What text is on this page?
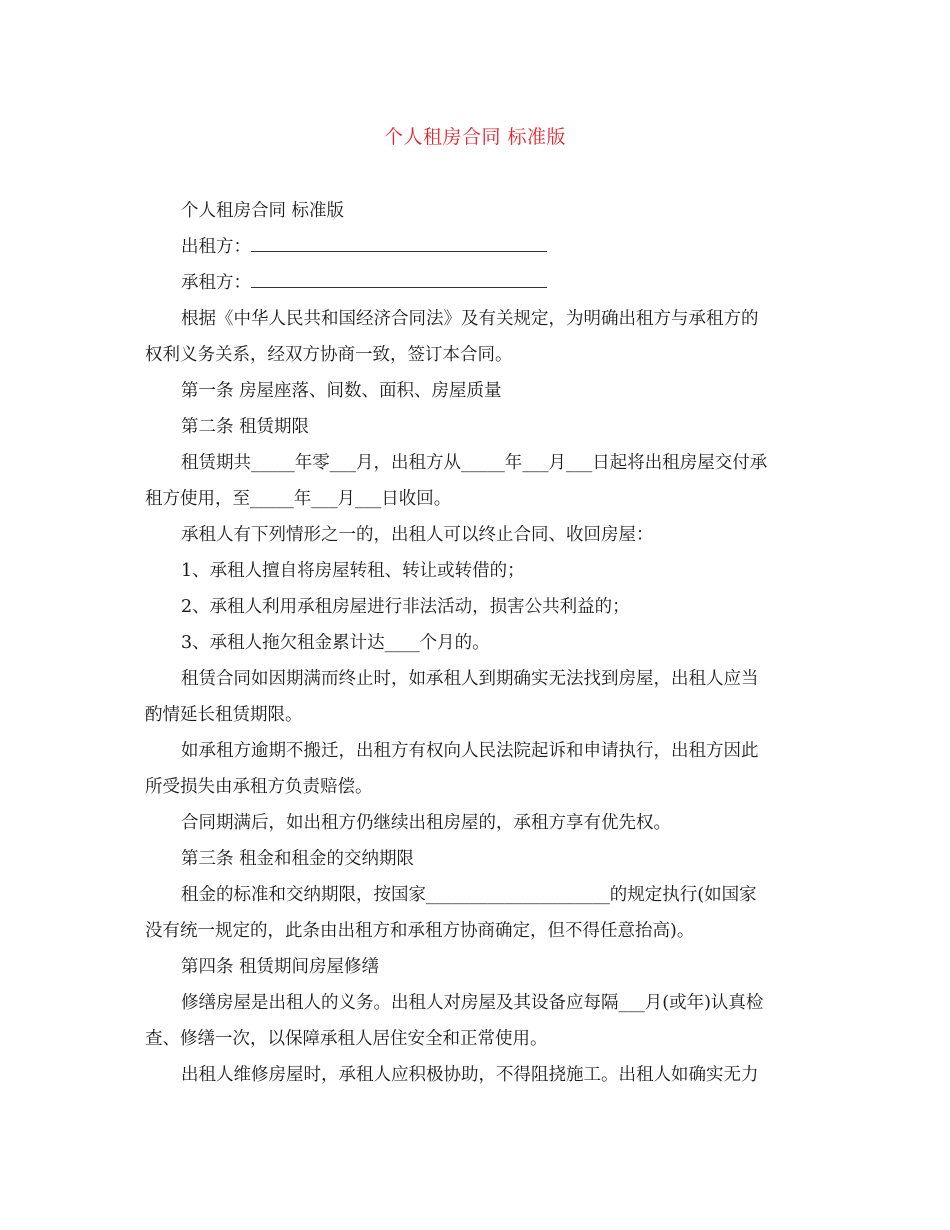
个人租房合同 标准版

个人租房合同 标准版

出租方：

承租方：

根据《中华人民共和国经济合同法》及有关规定，为明确出租方与承租方的

权利义务关系，经双方协商一致，签订本合同。

第一条 房屋座落、间数、面积、房屋质量

第二条 租赁期限

租赁期共_____年零___月，出租方从_____年___月___日起将出租房屋交付承

租方使用，至_____年___月___日收回。

承租人有下列情形之一的，出租人可以终止合同、收回房屋：

1、承租人擅自将房屋转租、转让或转借的；

2、承租人利用承租房屋进行非法活动，损害公共利益的；

3、承租人拖欠租金累计达____个月的。

租赁合同如因期满而终止时，如承租人到期确实无法找到房屋，出租人应当

酌情延长租赁期限。

如承租方逾期不搬迁，出租方有权向人民法院起诉和申请执行，出租方因此

所受损失由承租方负责赔偿。

合同期满后，如出租方仍继续出租房屋的，承租方享有优先权。

第三条 租金和租金的交纳期限

租金的标准和交纳期限，按国家_____________________的规定执行(如国家

没有统一规定的，此条由出租方和承租方协商确定，但不得任意抬高)。

第四条 租赁期间房屋修缮

修缮房屋是出租人的义务。出租人对房屋及其设备应每隔___月(或年)认真检

查、修缮一次，以保障承租人居住安全和正常使用。

出租人维修房屋时，承租人应积极协助，不得阻挠施工。出租人如确实无力
